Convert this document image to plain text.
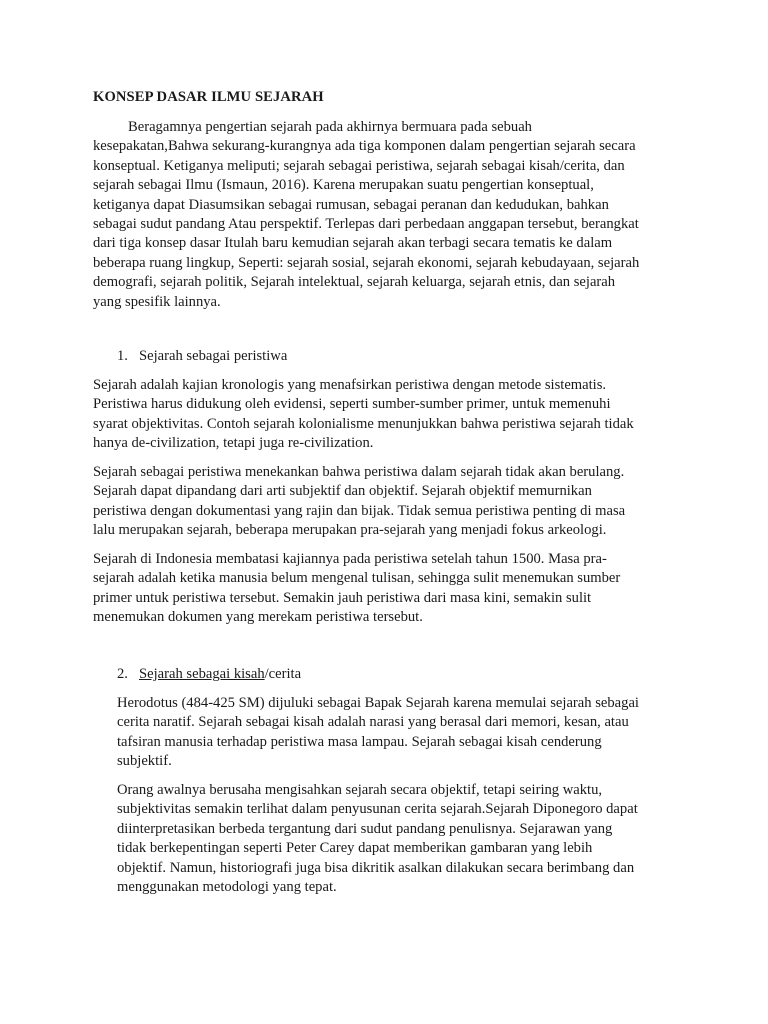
KONSEP DASAR ILMU SEJARAH
Beragamnya pengertian sejarah pada akhirnya bermuara pada sebuah
kesepakatan,Bahwa sekurang-kurangnya ada tiga komponen dalam pengertian sejarah secara
konseptual. Ketiganya meliputi; sejarah sebagai peristiwa, sejarah sebagai kisah/cerita, dan
sejarah sebagai Ilmu (Ismaun, 2016). Karena merupakan suatu pengertian konseptual,
ketiganya dapat Diasumsikan sebagai rumusan, sebagai peranan dan kedudukan, bahkan
sebagai sudut pandang Atau perspektif. Terlepas dari perbedaan anggapan tersebut, berangkat
dari tiga konsep dasar Itulah baru kemudian sejarah akan terbagi secara tematis ke dalam
beberapa ruang lingkup, Seperti: sejarah sosial, sejarah ekonomi, sejarah kebudayaan, sejarah
demografi, sejarah politik, Sejarah intelektual, sejarah keluarga, sejarah etnis, dan sejarah
yang spesifik lainnya.
1. Sejarah sebagai peristiwa
Sejarah adalah kajian kronologis yang menafsirkan peristiwa dengan metode sistematis.
Peristiwa harus didukung oleh evidensi, seperti sumber-sumber primer, untuk memenuhi
syarat objektivitas. Contoh sejarah kolonialisme menunjukkan bahwa peristiwa sejarah tidak
hanya de-civilization, tetapi juga re-civilization.
Sejarah sebagai peristiwa menekankan bahwa peristiwa dalam sejarah tidak akan berulang.
Sejarah dapat dipandang dari arti subjektif dan objektif. Sejarah objektif memurnikan
peristiwa dengan dokumentasi yang rajin dan bijak. Tidak semua peristiwa penting di masa
lalu merupakan sejarah, beberapa merupakan pra-sejarah yang menjadi fokus arkeologi.
Sejarah di Indonesia membatasi kajiannya pada peristiwa setelah tahun 1500. Masa pra-
sejarah adalah ketika manusia belum mengenal tulisan, sehingga sulit menemukan sumber
primer untuk peristiwa tersebut. Semakin jauh peristiwa dari masa kini, semakin sulit
menemukan dokumen yang merekam peristiwa tersebut.
2. Sejarah sebagai kisah/cerita
Herodotus (484-425 SM) dijuluki sebagai Bapak Sejarah karena memulai sejarah sebagai
cerita naratif. Sejarah sebagai kisah adalah narasi yang berasal dari memori, kesan, atau
tafsiran manusia terhadap peristiwa masa lampau. Sejarah sebagai kisah cenderung
subjektif.
Orang awalnya berusaha mengisahkan sejarah secara objektif, tetapi seiring waktu,
subjektivitas semakin terlihat dalam penyusunan cerita sejarah.Sejarah Diponegoro dapat
diinterpretasikan berbeda tergantung dari sudut pandang penulisnya. Sejarawan yang
tidak berkepentingan seperti Peter Carey dapat memberikan gambaran yang lebih
objektif. Namun, historiografi juga bisa dikritik asalkan dilakukan secara berimbang dan
menggunakan metodologi yang tepat.
